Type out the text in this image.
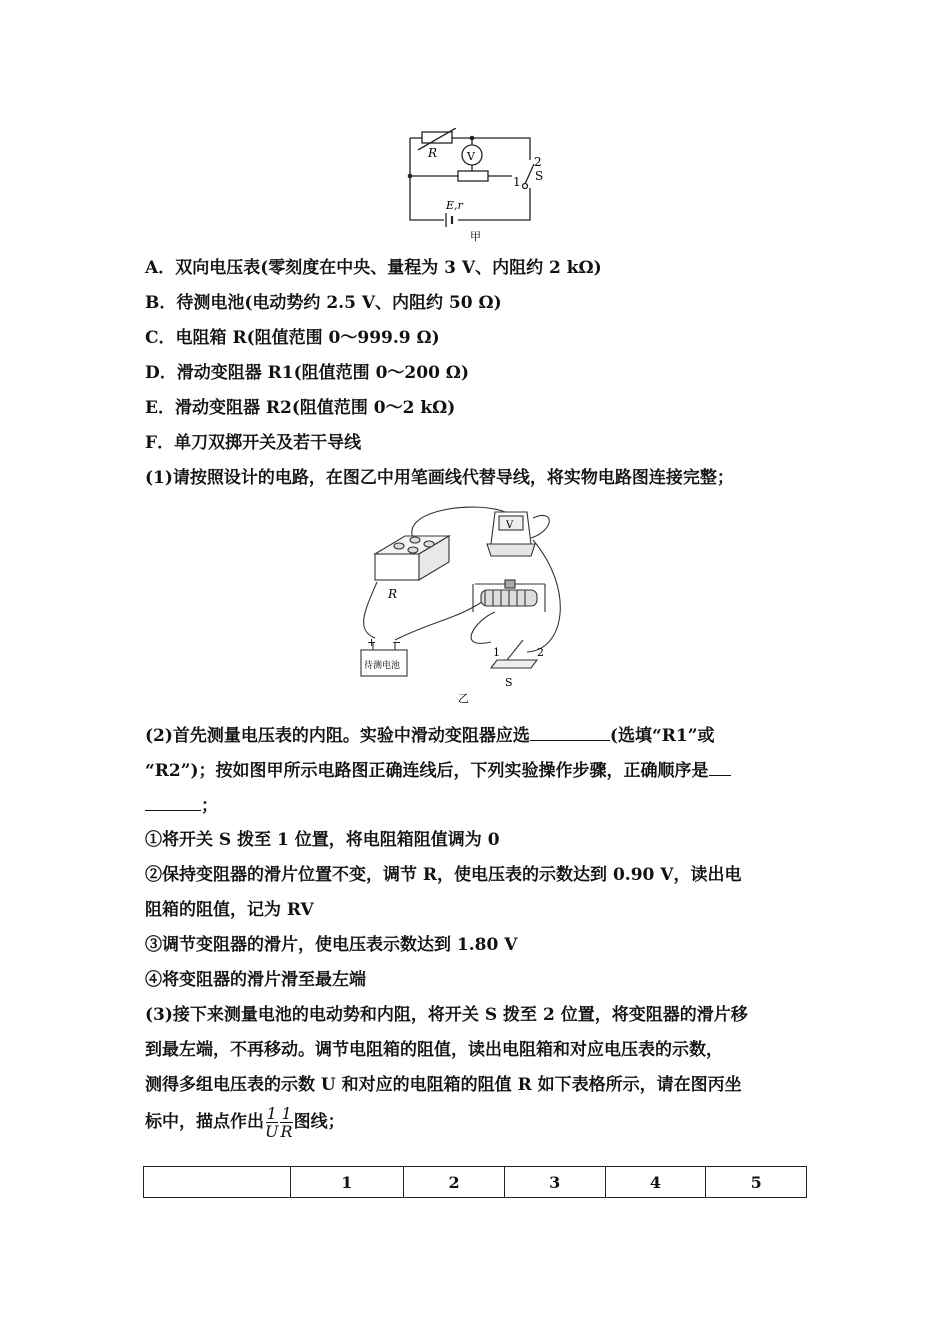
R	V	2
S
1
E,r
甲
A．双向电压表(零刻度在中央、量程为 3 V、内阻约 2 kΩ)
B．待测电池(电动势约 2.5 V、内阻约 50 Ω)
C．电阻箱 R(阻值范围 0～999.9 Ω)
D．滑动变阻器 R1(阻值范围 0～200 Ω)
E．滑动变阻器 R2(阻值范围 0～2 kΩ)
F．单刀双掷开关及若干导线
(1)请按照设计的电路，在图乙中用笔画线代替导线，将实物电路图连接完整；
R
V
+ −
待测电池
1	2
S
乙
(2)首先测量电压表的内阻。实验中滑动变阻器应选	(选填“R1”或
“R2”)；按如图甲所示电路图正确连线后，下列实验操作步骤，正确顺序是
；
①将开关 S 拨至 1 位置，将电阻箱阻值调为 0
②保持变阻器的滑片位置不变，调节 R，使电压表的示数达到 0.90 V，读出电
阻箱的阻值，记为 RV
③调节变阻器的滑片，使电压表示数达到 1.80 V
④将变阻器的滑片滑至最左端
(3)接下来测量电池的电动势和内阻，将开关 S 拨至 2 位置，将变阻器的滑片移
到最左端，不再移动。调节电阻箱的阻值，读出电阻箱和对应电压表的示数，
测得多组电压表的示数 U 和对应的电阻箱的阻值 R 如下表格所示，请在图丙坐
标中，描点作出 $\frac{1}{U} \frac{1}{R}$ 图线；
	1	2	3	4	5
